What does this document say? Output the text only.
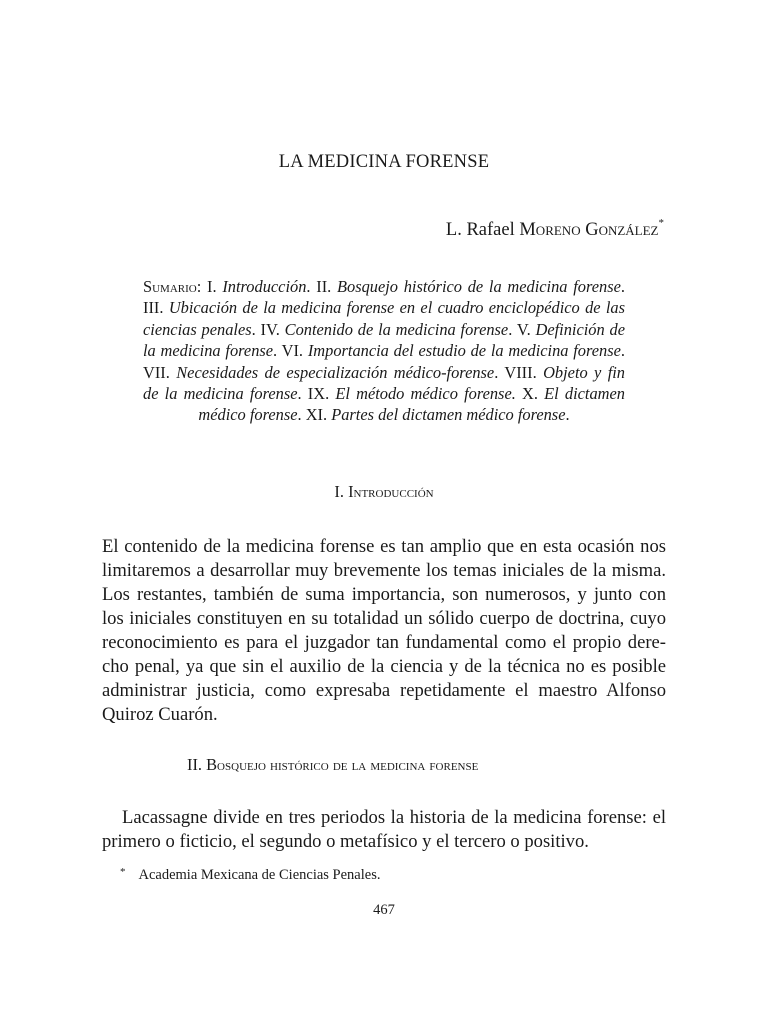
LA MEDICINA FORENSE
L. Rafael Moreno González*
Sumario: I. Introducción. II. Bosquejo histórico de la medicina forense. III. Ubicación de la medicina forense en el cuadro enciclopédico de las ciencias penales. IV. Contenido de la medicina forense. V. Definición de la medicina forense. VI. Importancia del estudio de la medicina forense. VII. Necesidades de especialización médico-forense. VIII. Objeto y fin de la medicina forense. IX. El método médico forense. X. El dictamen médico forense. XI. Partes del dictamen médico forense.
I. Introducción
El contenido de la medicina forense es tan amplio que en esta ocasión nos
limitaremos a desarrollar muy brevemente los temas iniciales de la misma.
Los restantes, también de suma importancia, son numerosos, y junto con
los iniciales constituyen en su totalidad un sólido cuerpo de doctrina, cuyo
reconocimiento es para el juzgador tan fundamental como el propio dere-
cho penal, ya que sin el auxilio de la ciencia y de la técnica no es posible
administrar justicia, como expresaba repetidamente el maestro Alfonso
Quiroz Cuarón.
II. Bosquejo histórico de la medicina forense
Lacassagne divide en tres periodos la historia de la medicina forense: el
primero o ficticio, el segundo o metafísico y el tercero o positivo.
* Academia Mexicana de Ciencias Penales.
467
